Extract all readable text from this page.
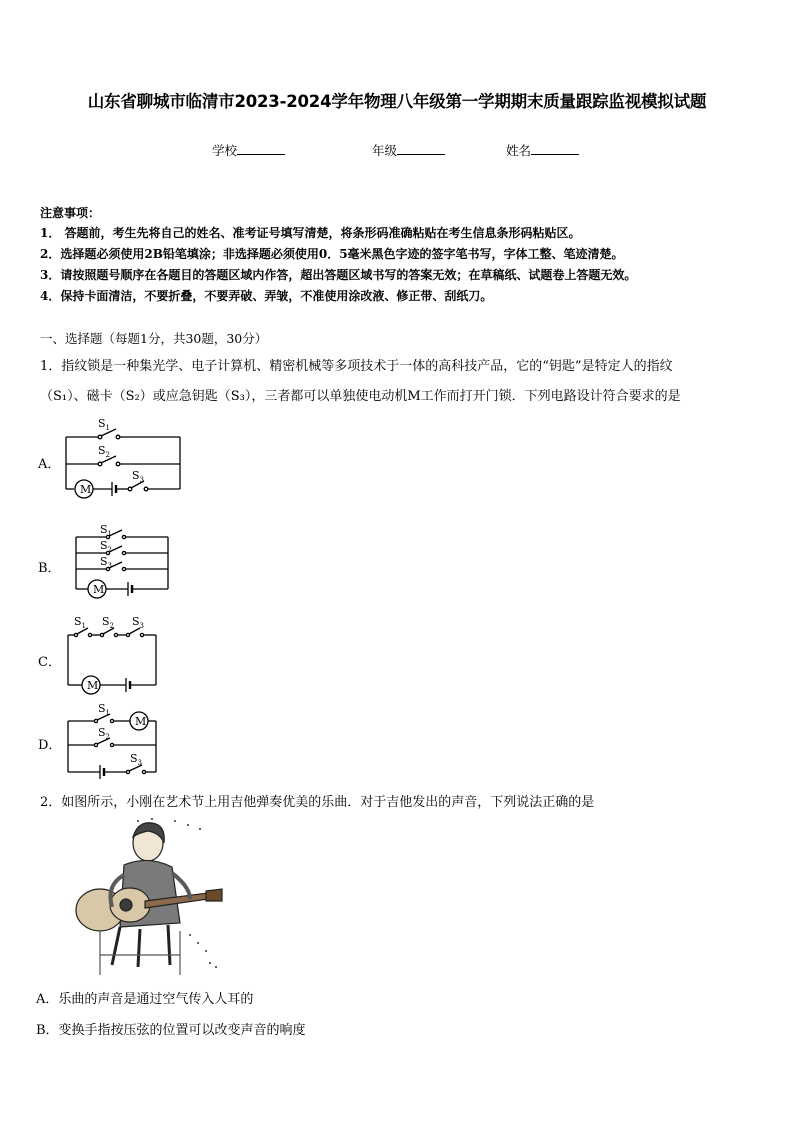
山东省聊城市临清市2023-2024学年物理八年级第一学期期末质量跟踪监视模拟试题
学校	年级	姓名
注意事项：
1． 答题前，考生先将自己的姓名、准考证号填写清楚，将条形码准确粘贴在考生信息条形码粘贴区。
2．选择题必须使用2B铅笔填涂；非选择题必须使用0．5毫米黑色字迹的签字笔书写，字体工整、笔迹清楚。
3．请按照题号顺序在各题目的答题区域内作答，超出答题区域书写的答案无效；在草稿纸、试题卷上答题无效。
4．保持卡面清洁，不要折叠，不要弄破、弄皱，不准使用涂改液、修正带、刮纸刀。
一、选择题（每题1分，共30题，30分）
1．指纹锁是一种集光学、电子计算机、精密机械等多项技术于一体的高科技产品，它的“钥匙”是特定人的指纹
（S₁）、磁卡（S₂）或应急钥匙（S₃），三者都可以单独使电动机M工作而打开门锁．下列电路设计符合要求的是
A．
$S_1$
$S_2$
M
$S_3$
B．
$S_1$
$S_2$
$S_3$
M
C．
$S_1$ $S_2$ $S_3$
M
D．
M
$S_1$
$S_2$
$S_3$
2．如图所示，小刚在艺术节上用吉他弹奏优美的乐曲．对于吉他发出的声音，下列说法正确的是
A．乐曲的声音是通过空气传入人耳的
B．变换手指按压弦的位置可以改变声音的响度
